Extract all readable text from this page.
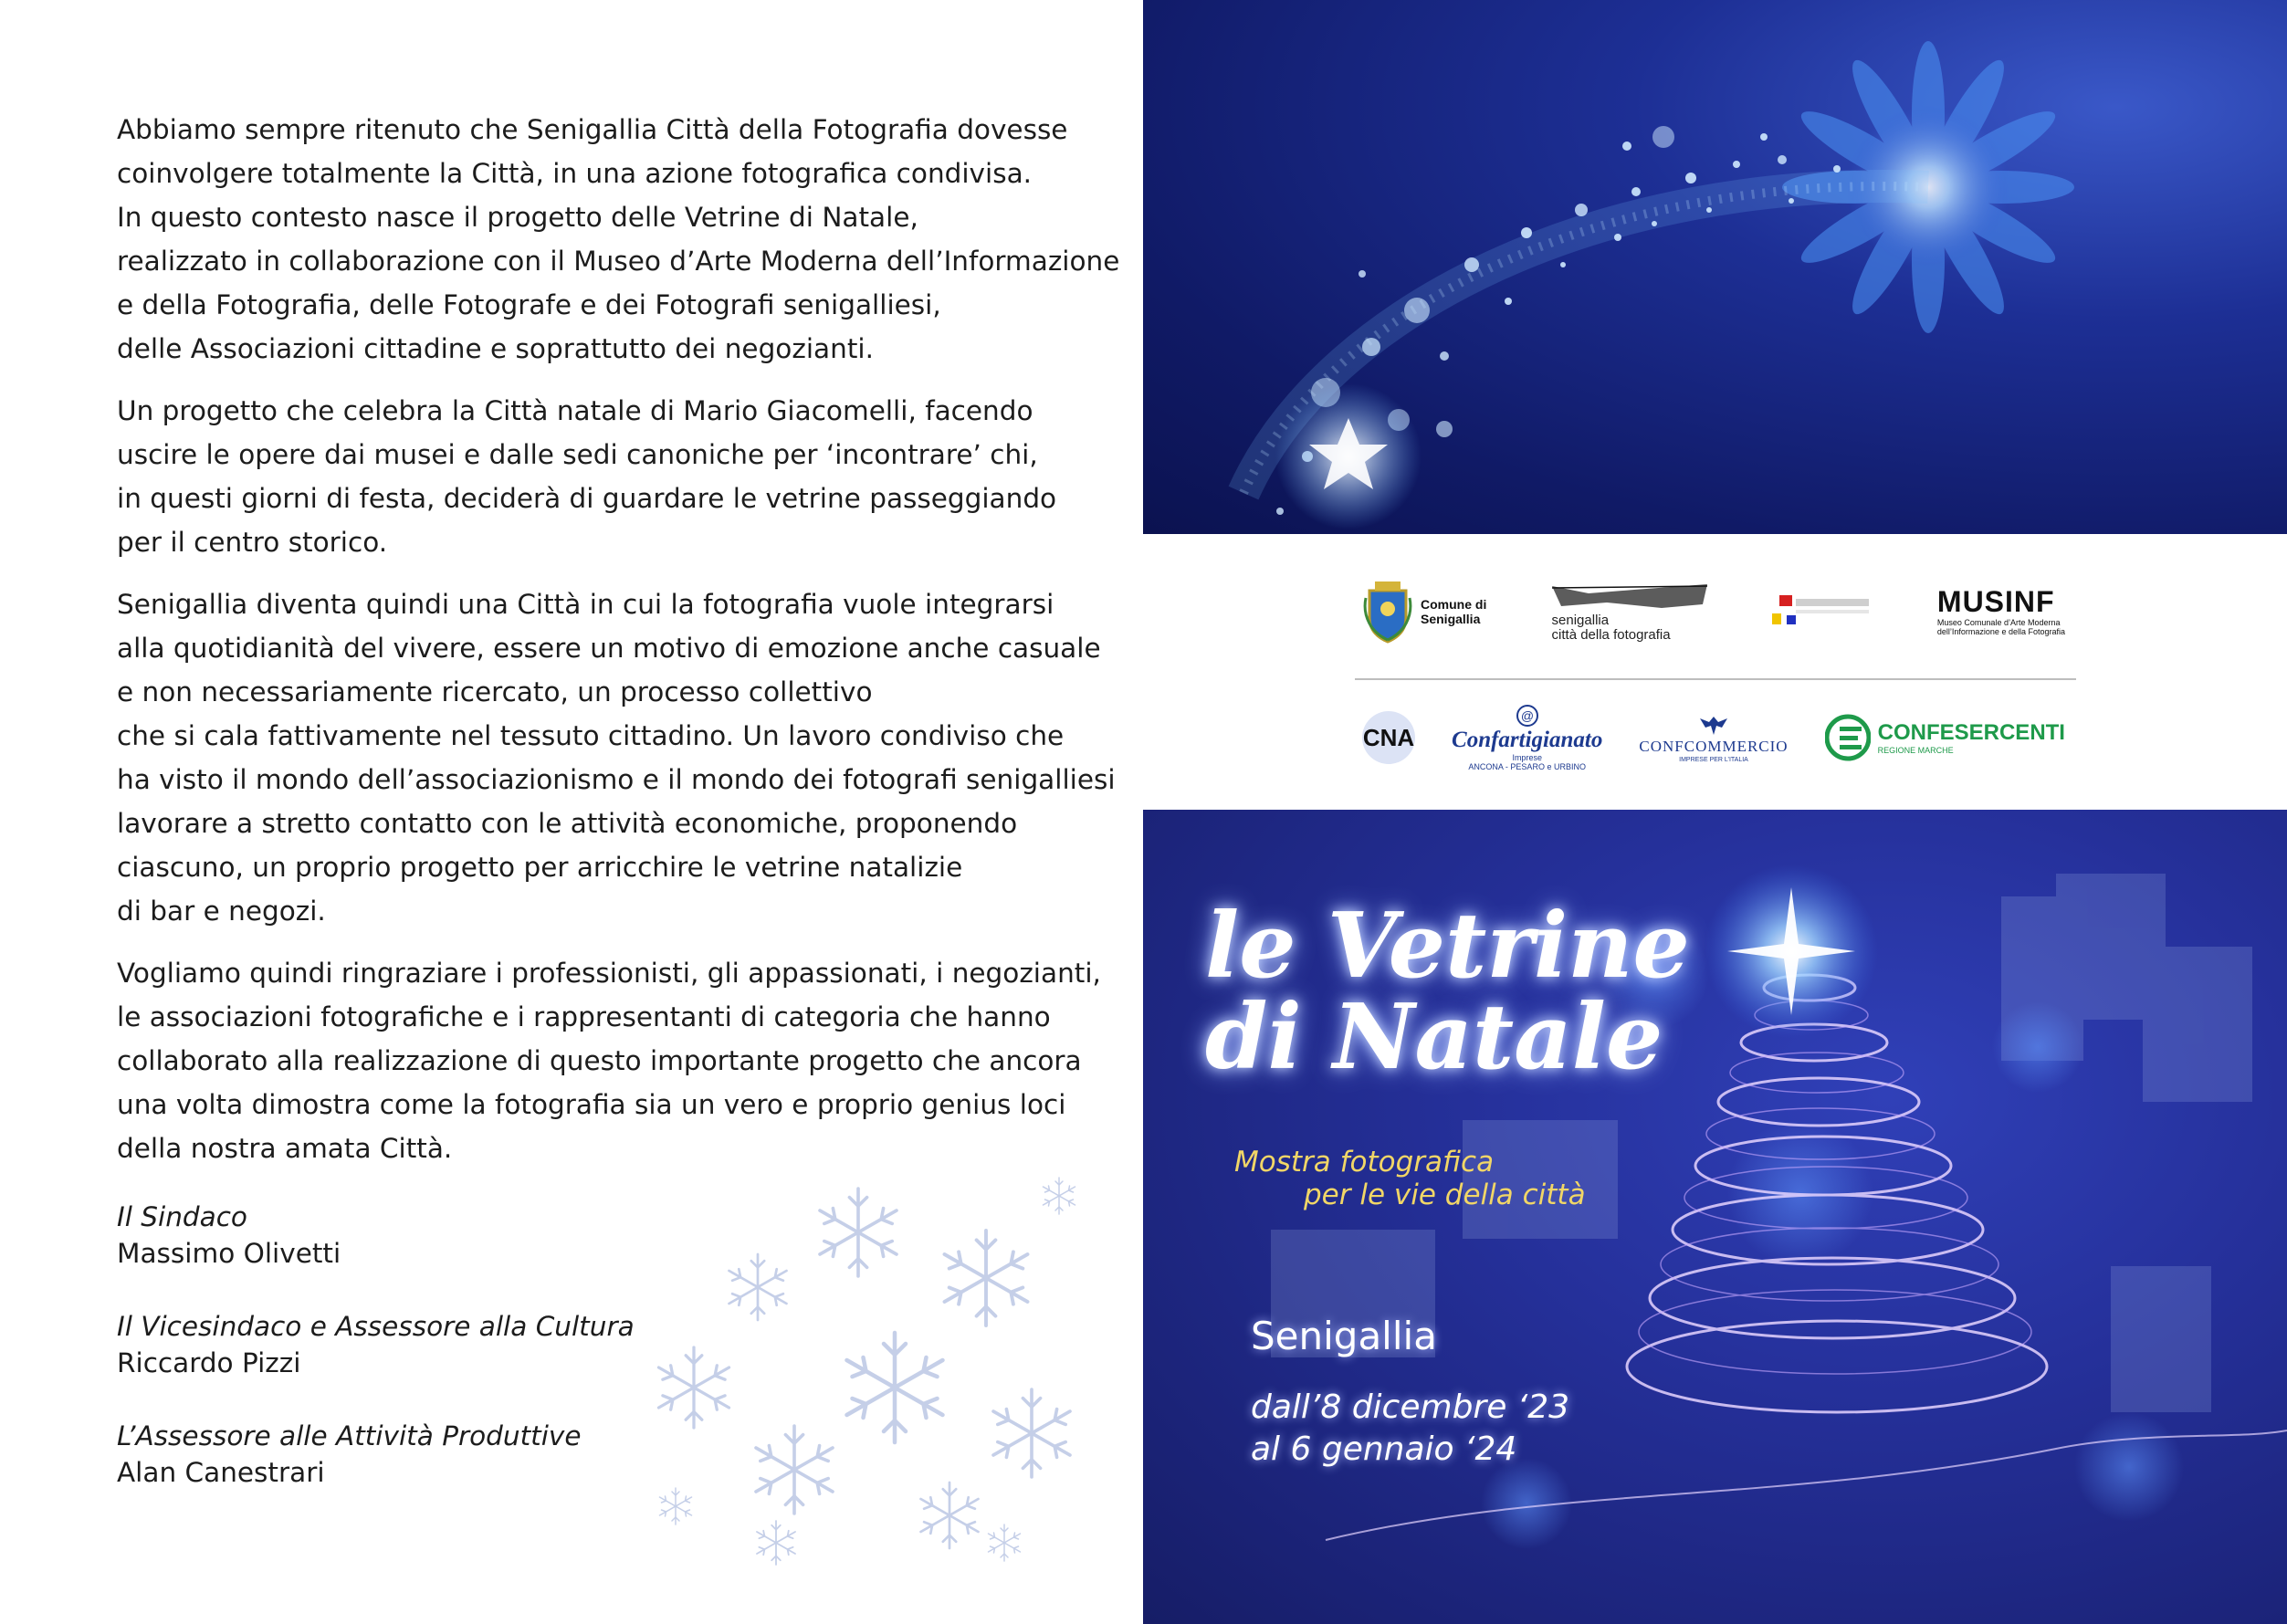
Abbiamo sempre ritenuto che Senigallia Città della Fotografia dovesse
coinvolgere totalmente la Città, in una azione fotografica condivisa.
In questo contesto nasce il progetto delle Vetrine di Natale,
realizzato in collaborazione con il Museo d’Arte Moderna dell’Informazione
e della Fotografia, delle Fotografe e dei Fotografi senigalliesi,
delle Associazioni cittadine e soprattutto dei negozianti.

Un progetto che celebra la Città natale di Mario Giacomelli, facendo
uscire le opere dai musei e dalle sedi canoniche per ‘incontrare’ chi,
in questi giorni di festa, deciderà di guardare le vetrine passeggiando
per il centro storico.

Senigallia diventa quindi una Città in cui la fotografia vuole integrarsi
alla quotidianità del vivere, essere un motivo di emozione anche casuale
e non necessariamente ricercato, un processo collettivo
che si cala fattivamente nel tessuto cittadino. Un lavoro condiviso che
ha visto il mondo dell’associazionismo e il mondo dei fotografi senigalliesi
lavorare a stretto contatto con le attività economiche, proponendo
ciascuno, un proprio progetto per arricchire le vetrine natalizie
di bar e negozi.

Vogliamo quindi ringraziare i professionisti, gli appassionati, i negozianti,
le associazioni fotografiche e i rappresentanti di categoria che hanno
collaborato alla realizzazione di questo importante progetto che ancora
una volta dimostra come la fotografia sia un vero e proprio genius loci
della nostra amata Città.

Il Sindaco
Massimo Olivetti
Il Vicesindaco e Assessore alla Cultura
Riccardo Pizzi
L’Assessore alle Attività Produttive
Alan Canestrari
Comune di
Senigallia	senigallia
città della fotografia
MUSINF
Museo Comunale d’Arte Moderna
dell’Informazione e della Fotografia
CNA
@
Confartigianato
Imprese
ANCONA - PESARO e URBINO
CONFCOMMERCIO
IMPRESE PER L’ITALIA
CONFESERCENTI
REGIONE MARCHE
le Vetrine
di Natale
Mostra fotografica
per le vie della città
Senigallia
dall’8 dicembre ‘23
al 6 gennaio ‘24
